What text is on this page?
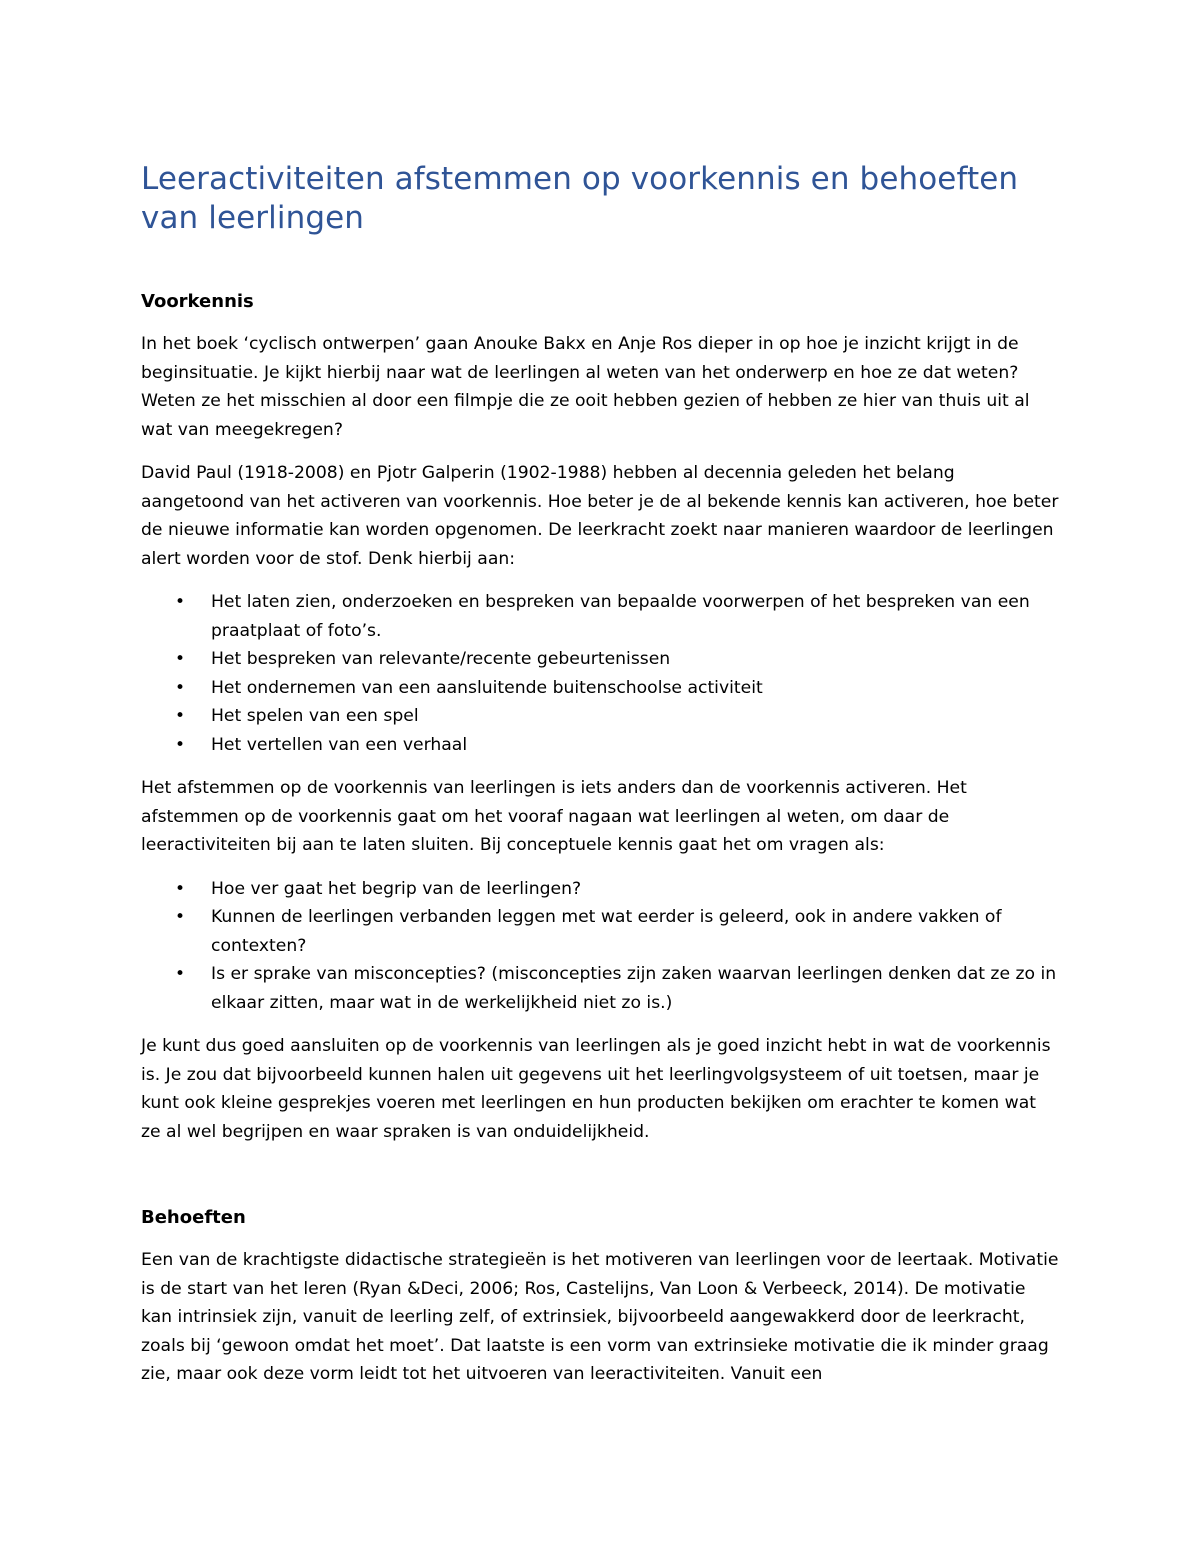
Leeractiviteiten afstemmen op voorkennis en behoeften van leerlingen
Voorkennis

In het boek ‘cyclisch ontwerpen’ gaan Anouke Bakx en Anje Ros dieper in op hoe je inzicht krijgt in de beginsituatie. Je kijkt hierbij naar wat de leerlingen al weten van het onderwerp en hoe ze dat weten? Weten ze het misschien al door een filmpje die ze ooit hebben gezien of hebben ze hier van thuis uit al wat van meegekregen?

David Paul (1918-2008) en Pjotr Galperin (1902-1988) hebben al decennia geleden het belang aangetoond van het activeren van voorkennis. Hoe beter je de al bekende kennis kan activeren, hoe beter de nieuwe informatie kan worden opgenomen. De leerkracht zoekt naar manieren waardoor de leerlingen alert worden voor de stof. Denk hierbij aan:

• Het laten zien, onderzoeken en bespreken van bepaalde voorwerpen of het bespreken van een praatplaat of foto’s.
• Het bespreken van relevante/recente gebeurtenissen
• Het ondernemen van een aansluitende buitenschoolse activiteit
• Het spelen van een spel
• Het vertellen van een verhaal

Het afstemmen op de voorkennis van leerlingen is iets anders dan de voorkennis activeren. Het afstemmen op de voorkennis gaat om het vooraf nagaan wat leerlingen al weten, om daar de leeractiviteiten bij aan te laten sluiten. Bij conceptuele kennis gaat het om vragen als:

• Hoe ver gaat het begrip van de leerlingen?
• Kunnen de leerlingen verbanden leggen met wat eerder is geleerd, ook in andere vakken of contexten?
• Is er sprake van misconcepties? (misconcepties zijn zaken waarvan leerlingen denken dat ze zo in elkaar zitten, maar wat in de werkelijkheid niet zo is.)

Je kunt dus goed aansluiten op de voorkennis van leerlingen als je goed inzicht hebt in wat de voorkennis is. Je zou dat bijvoorbeeld kunnen halen uit gegevens uit het leerlingvolgsysteem of uit toetsen, maar je kunt ook kleine gesprekjes voeren met leerlingen en hun producten bekijken om erachter te komen wat ze al wel begrijpen en waar spraken is van onduidelijkheid.

Behoeften

Een van de krachtigste didactische strategieën is het motiveren van leerlingen voor de leertaak. Motivatie is de start van het leren (Ryan &Deci, 2006; Ros, Castelijns, Van Loon & Verbeeck, 2014). De motivatie kan intrinsiek zijn, vanuit de leerling zelf, of extrinsiek, bijvoorbeeld aangewakkerd door de leerkracht, zoals bij ‘gewoon omdat het moet’. Dat laatste is een vorm van extrinsieke motivatie die ik minder graag zie, maar ook deze vorm leidt tot het uitvoeren van leeractiviteiten. Vanuit een
